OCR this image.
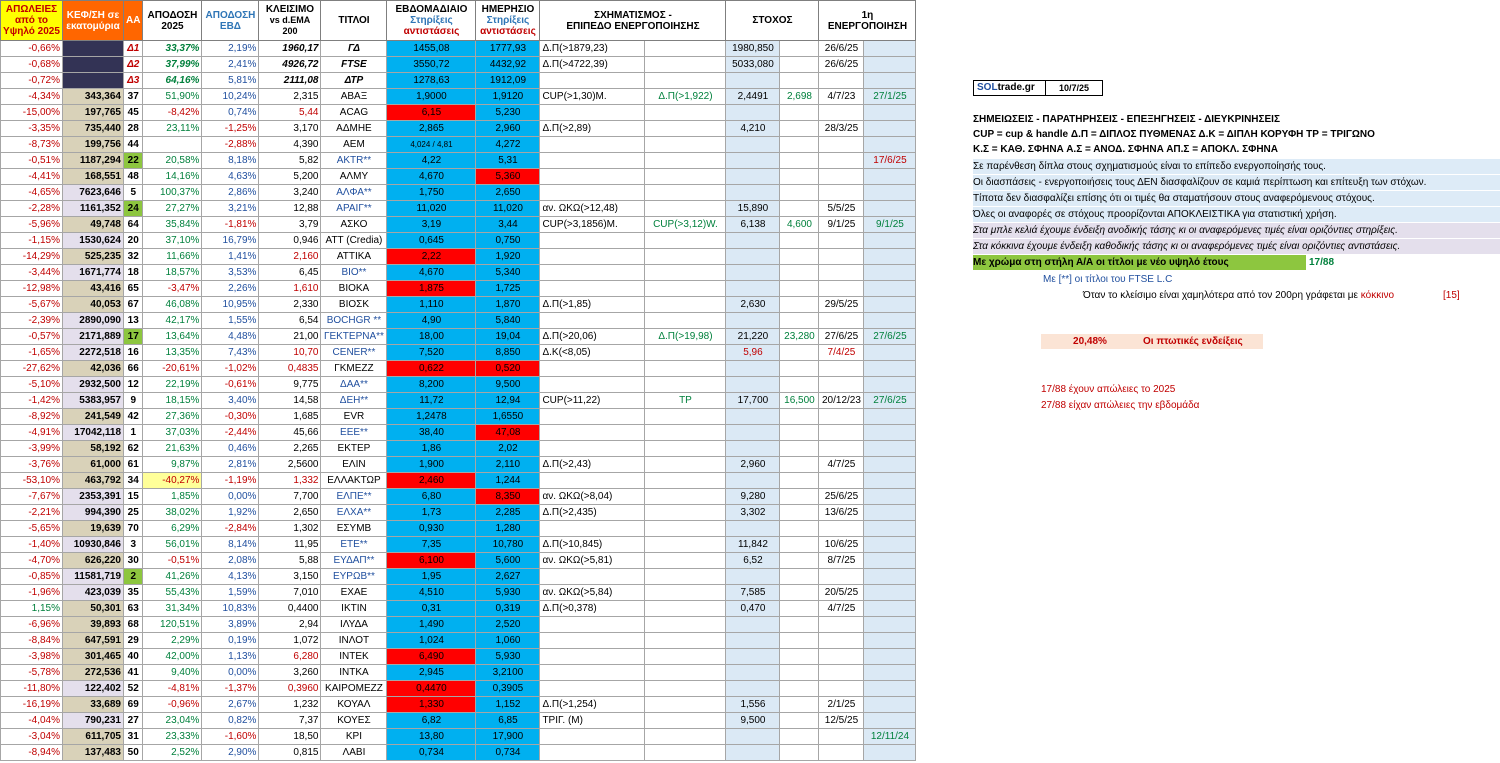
ΑΠΩΛΕΙΕΣ από το Υψηλό 2025	ΚΕΦ/ΣΗ σε εκατομύρια	ΑΑ	ΑΠΟΔΟΣΗ 2025	ΑΠΟΔΟΣΗ ΕΒΔ	ΚΛΕΙΣΙΜΟ
vs d.EMA 200	ΤΙΤΛΟΙ	ΕΒΔΟΜΑΔΙΑΙΟ
Στηρίξεις
αντιστάσεις	ΗΜΕΡΗΣΙΟ
Στηρίξεις
αντιστάσεις	ΣΧΗΜΑΤΙΣΜΟΣ -
ΕΠΙΠΕΔΟ ΕΝΕΡΓΟΠΟΙΗΣΗΣ		ΣΤΟΧΟΣ		1η ΕΝΕΡΓΟΠΟΙΗΣΗ	
-0,66%		Δ1	33,37%	2,19%	1960,17	ΓΔ	1455,08	1777,93	Δ.Π(>1879,23)		1980,850		26/6/25	
-0,68%		Δ2	37,99%	2,41%	4926,72	FTSE	3550,72	4432,92	Δ.Π(>4722,39)		5033,080		26/6/25	
-0,72%		Δ3	64,16%	5,81%	2111,08	ΔΤΡ	1278,63	1912,09						
-4,34%	343,364	37	51,90%	10,24%	2,315	ΑΒΑΞ	1,9000	1,9120	CUP(>1,30)M.	Δ.Π(>1,922)	2,4491	2,698	4/7/23	27/1/25
-15,00%	197,765	45	-8,42%	0,74%	5,44	ACAG	6,15	5,230						
-3,35%	735,440	28	23,11%	-1,25%	3,170	ΑΔΜΗΕ	2,865	2,960	Δ.Π(>2,89)		4,210		28/3/25	
-8,73%	199,756	44		-2,88%	4,390	ΑΕΜ	4,024 / 4,81	4,272						
-0,51%	1187,294	22	20,58%	8,18%	5,82	AKTR**	4,22	5,31						17/6/25
-4,41%	168,551	48	14,16%	4,63%	5,200	ΑΛΜΥ	4,670	5,360						
-4,65%	7623,646	5	100,37%	2,86%	3,240	ΑΛΦΑ**	1,750	2,650						
-2,28%	1161,352	24	27,27%	3,21%	12,88	ΑΡΑΙΓ**	11,020	11,020	αν. ΩΚΩ(>12,48)		15,890		5/5/25	
-5,96%	49,748	64	35,84%	-1,81%	3,79	ΑΣΚΟ	3,19	3,44	CUP(>3,1856)M.	CUP(>3,12)W.	6,138	4,600	9/1/25	9/1/25
-1,15%	1530,624	20	37,10%	16,79%	0,946	ATT (Credia)	0,645	0,750						
-14,29%	525,235	32	11,66%	1,41%	2,160	ΑΤΤΙΚΑ	2,22	1,920						
-3,44%	1671,774	18	18,57%	3,53%	6,45	BIO**	4,670	5,340						
-12,98%	43,416	65	-3,47%	2,26%	1,610	ΒΙΟΚΑ	1,875	1,725						
-5,67%	40,053	67	46,08%	10,95%	2,330	ΒΙΟΣΚ	1,110	1,870	Δ.Π(>1,85)		2,630		29/5/25	
-2,39%	2890,090	13	42,17%	1,55%	6,54	BOCHGR **	4,90	5,840						
-0,57%	2171,889	17	13,64%	4,48%	21,00	ΓΕΚΤΕΡΝΑ**	18,00	19,04	Δ.Π(>20,06)	Δ.Π(>19,98)	21,220	23,280	27/6/25	27/6/25
-1,65%	2272,518	16	13,35%	7,43%	10,70	CENER**	7,520	8,850	Δ.Κ(<8,05)		5,96		7/4/25	
-27,62%	42,036	66	-20,61%	-1,02%	0,4835	ΓΚΜΕΖΖ	0,622	0,520						
-5,10%	2932,500	12	22,19%	-0,61%	9,775	ΔΑΑ**	8,200	9,500						
-1,42%	5383,957	9	18,15%	3,40%	14,58	ΔΕΗ**	11,72	12,94	CUP(>11,22)	TP	17,700	16,500	20/12/23	27/6/25
-8,92%	241,549	42	27,36%	-0,30%	1,685	EVR	1,2478	1,6550						
-4,91%	17042,118	1	37,03%	-2,44%	45,66	EEE**	38,40	47,08						
-3,99%	58,192	62	21,63%	0,46%	2,265	ΕΚΤΕΡ	1,86	2,02						
-3,76%	61,000	61	9,87%	2,81%	2,5600	ΕΛΙΝ	1,900	2,110	Δ.Π(>2,43)		2,960		4/7/25	
-53,10%	463,792	34	-40,27%	-1,19%	1,332	ΕΛΛΑΚΤΩΡ	2,460	1,244						
-7,67%	2353,391	15	1,85%	0,00%	7,700	ΕΛΠΕ**	6,80	8,350	αν. ΩΚΩ(>8,04)		9,280		25/6/25	
-2,21%	994,390	25	38,02%	1,92%	2,650	ΕΛΧΑ**	1,73	2,285	Δ.Π(>2,435)		3,302		13/6/25	
-5,65%	19,639	70	6,29%	-2,84%	1,302	ΕΣΥΜΒ	0,930	1,280						
-1,40%	10930,846	3	56,01%	8,14%	11,95	ΕΤΕ**	7,35	10,780	Δ.Π(>10,845)		11,842		10/6/25	
-4,70%	626,220	30	-0,51%	2,08%	5,88	ΕΥΔΑΠ**	6,100	5,600	αν. ΩΚΩ(>5,81)		6,52		8/7/25	
-0,85%	11581,719	2	41,26%	4,13%	3,150	ΕΥΡΩΒ**	1,95	2,627						
-1,96%	423,039	35	55,43%	1,59%	7,010	ΕΧΑΕ	4,510	5,930	αν. ΩΚΩ(>5,84)		7,585		20/5/25	
1,15%	50,301	63	31,34%	10,83%	0,4400	ΙΚΤΙΝ	0,31	0,319	Δ.Π(>0,378)		0,470		4/7/25	
-6,96%	39,893	68	120,51%	3,89%	2,94	ΙΛΥΔΑ	1,490	2,520						
-8,84%	647,591	29	2,29%	0,19%	1,072	ΙΝΛΟΤ	1,024	1,060						
-3,98%	301,465	40	42,00%	1,13%	6,280	ΙΝΤΕΚ	6,490	5,930						
-5,78%	272,536	41	9,40%	0,00%	3,260	ΙΝΤΚΑ	2,945	3,2100						
-11,80%	122,402	52	-4,81%	-1,37%	0,3960	ΚΑΙΡΟΜΕΖΖ	0,4470	0,3905						
-16,19%	33,689	69	-0,96%	2,67%	1,232	ΚΟΥΑΛ	1,330	1,152	Δ.Π(>1,254)		1,556		2/1/25	
-4,04%	790,231	27	23,04%	0,82%	7,37	ΚΟΥΕΣ	6,82	6,85	ΤΡΙΓ. (Μ)		9,500		12/5/25	
-3,04%	611,705	31	23,33%	-1,60%	18,50	ΚΡΙ	13,80	17,900						12/11/24
-8,94%	137,483	50	2,52%	2,90%	0,815	ΛΑΒΙ	0,734	0,734						
SOLtrade.gr	10/7/25
ΣΗΜΕΙΩΣΕΙΣ - ΠΑΡΑΤΗΡΗΣΕΙΣ - ΕΠΕΞΗΓΗΣΕΙΣ - ΔΙΕΥΚΡΙΝΗΣΕΙΣ
CUP = cup & handle Δ.Π = ΔΙΠΛΟΣ ΠΥΘΜΕΝΑΣ Δ.Κ = ΔΙΠΛΗ ΚΟΡΥΦΗ ΤΡ = ΤΡΙΓΩΝΟ
Κ.Σ = ΚΑΘ. ΣΦΗΝΑ Α.Σ = ΑΝΟΔ. ΣΦΗΝΑ ΑΠ.Σ = ΑΠΟΚΛ. ΣΦΗΝΑ
Σε παρένθεση δίπλα στους σχηματισμούς είναι το επίπεδο ενεργοποίησής τους.
Οι διασπάσεις - ενεργοποιήσεις τους ΔΕΝ διασφαλίζουν σε καμιά περίπτωση και επίτευξη των στόχων.
Τίποτα δεν διασφαλίζει επίσης ότι οι τιμές θα σταματήσουν στους αναφερόμενους στόχους.
Όλες οι αναφορές σε στόχους προορίζονται ΑΠΟΚΛΕΙΣΤΙΚΑ για στατιστική χρήση.
Στα μπλε κελιά έχουμε ένδειξη ανοδικής τάσης κι οι αναφερόμενες τιμές είναι οριζόντιες στηρίξεις.
Στα κόκκινα έχουμε ένδειξη καθοδικής τάσης κι οι αναφερόμενες τιμές είναι οριζόντιες αντιστάσεις.
Με χρώμα στη στήλη Α/Α οι τίτλοι με νέο υψηλό έτους	17/88
Με [**] οι τίτλοι του FTSE L.C
Όταν το κλείσιμο είναι χαμηλότερα από τον 200ρη γράφεται με κόκκινο	[15]
20,48%	Οι πτωτικές ενδείξεις
17/88 έχουν απώλειες το 2025
27/88 είχαν απώλειες την εβδομάδα
